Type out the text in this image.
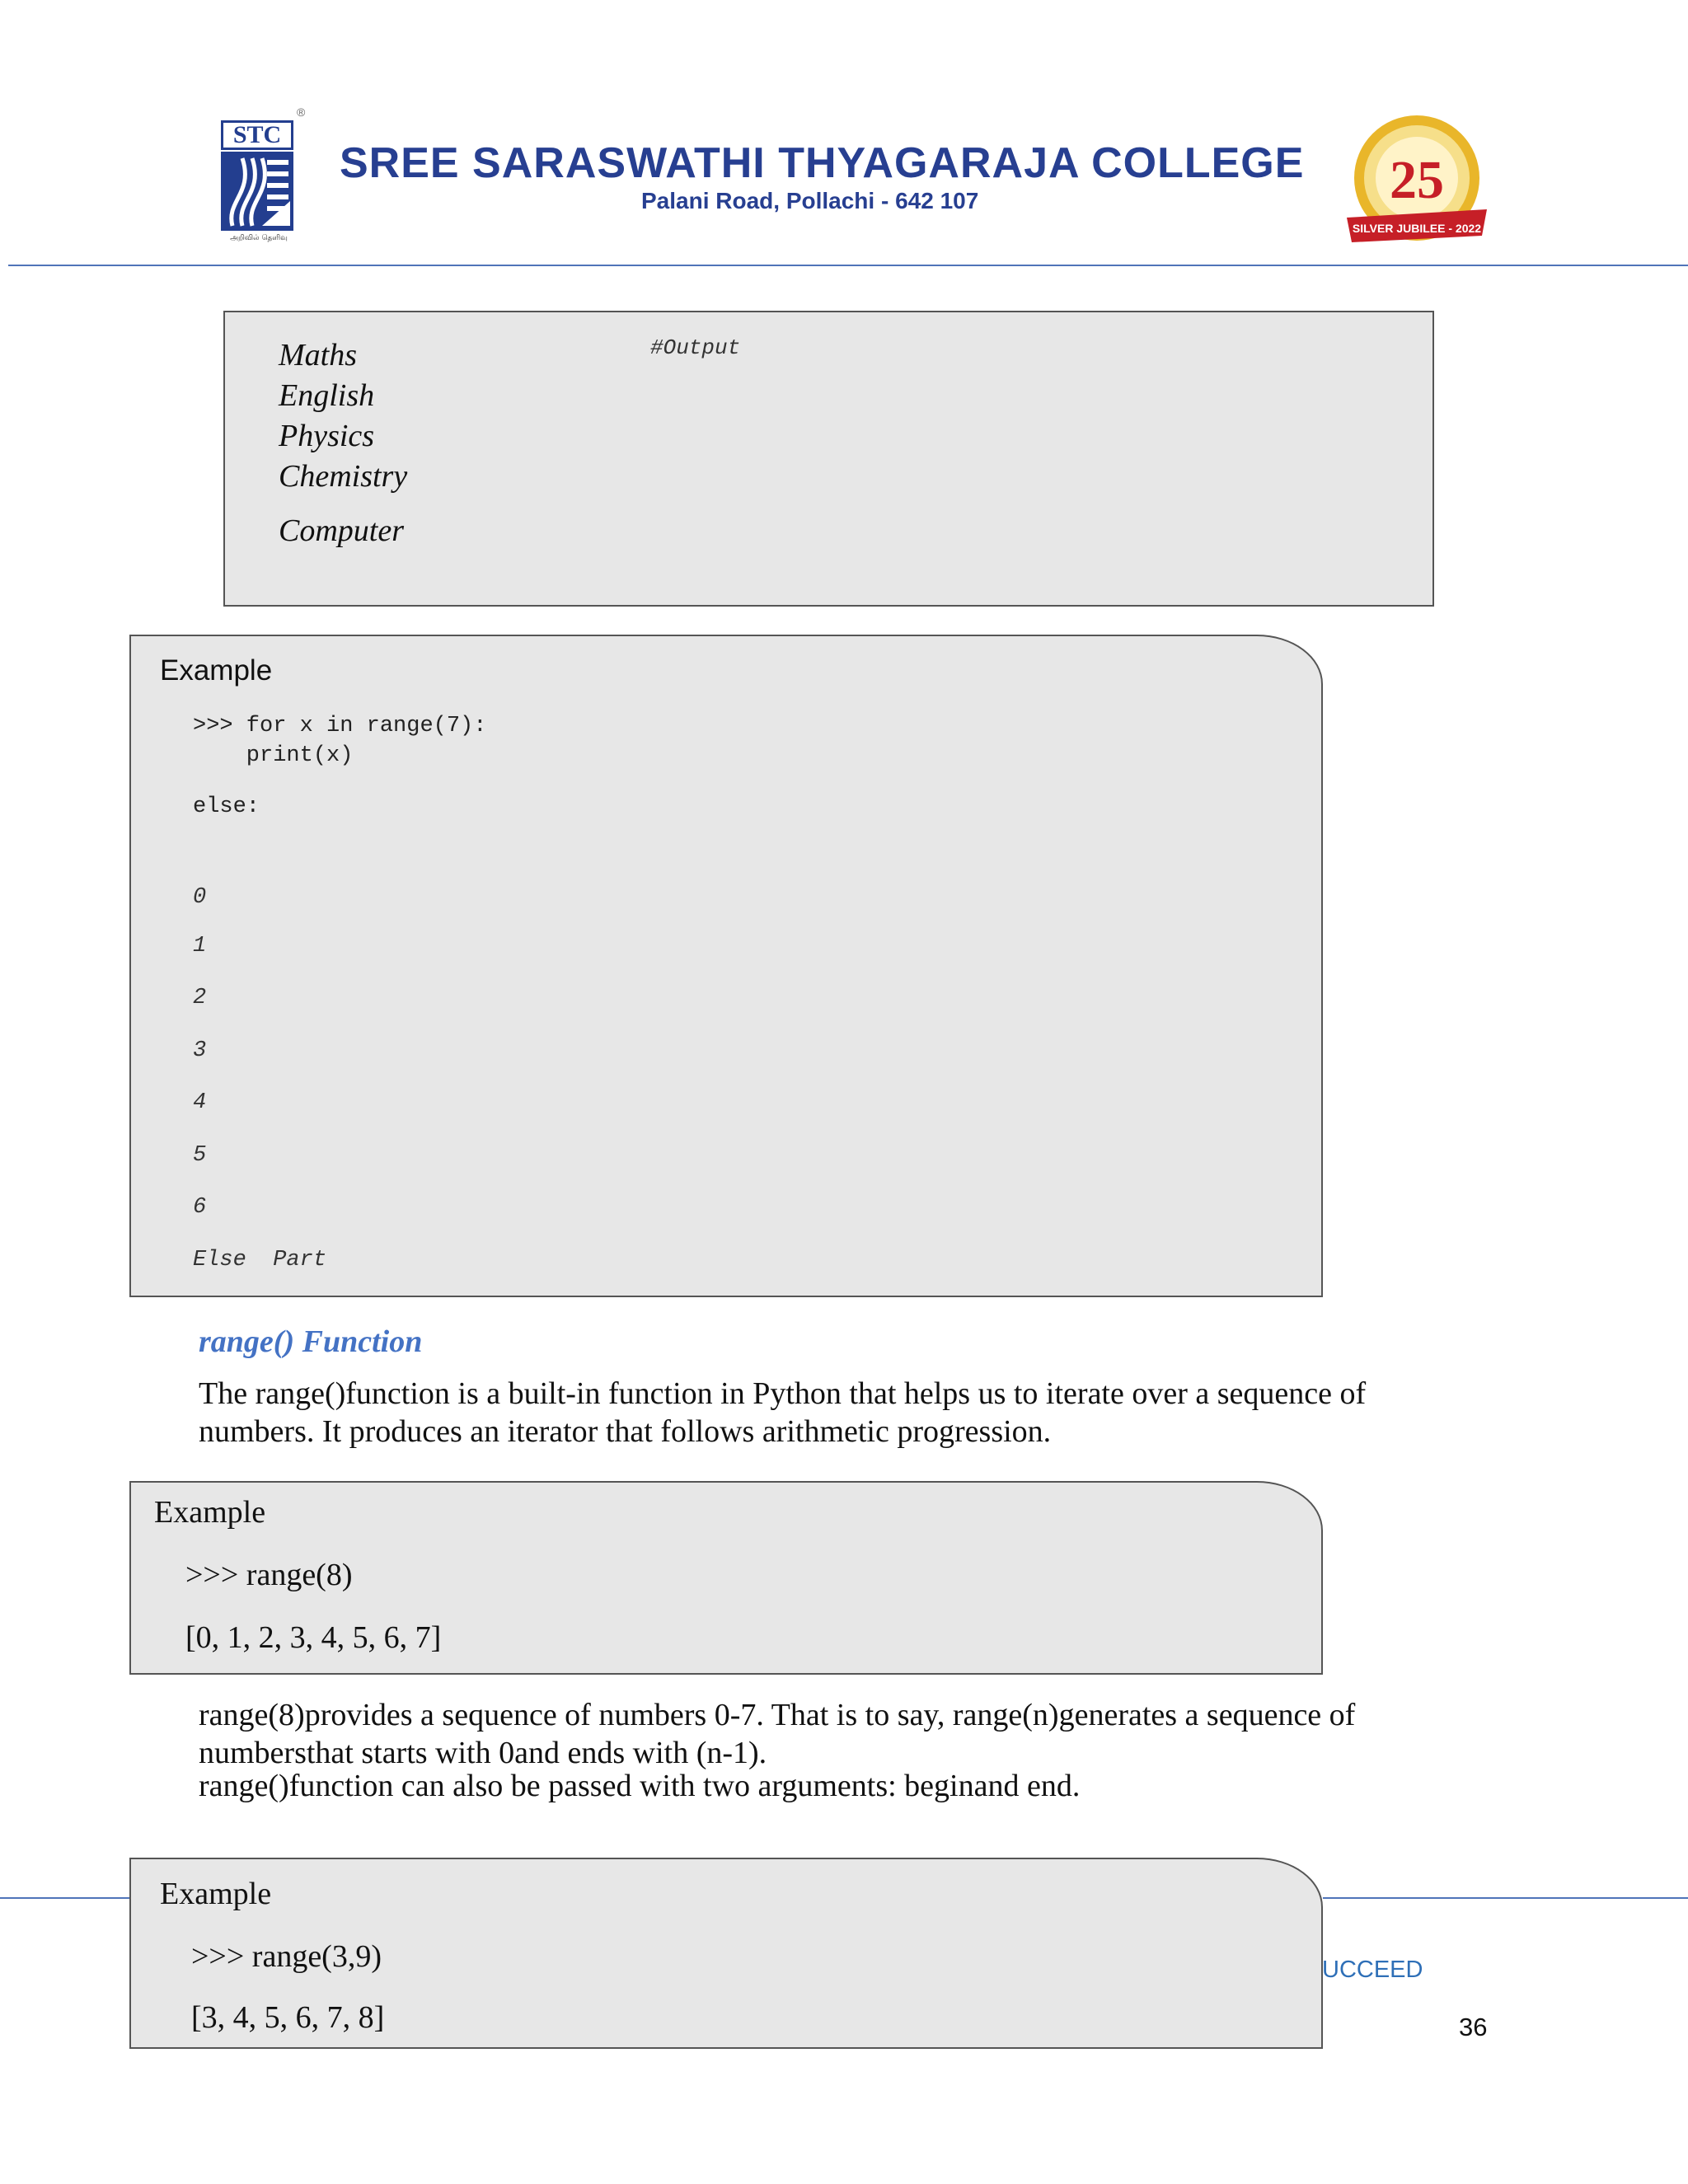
STC
®
அறிவில் தெளிவு
SREE SARASWATHI THYAGARAJA COLLEGE
Palani Road, Pollachi - 642 107	25
SILVER JUBILEE - 2022
Maths
English
Physics
Chemistry
Computer
#Output
Example
>>> for x in range(7):
print(x)
else:
0
1
2
3
4
5
6
Else  Part
range() Function
The range()function is a built-in function in Python that helps us to iterate over a sequence of
numbers. It produces an iterator that follows arithmetic progression.
Example
>>> range(8)
[0, 1, 2, 3, 4, 5, 6, 7]
range(8)provides a sequence of numbers 0-7. That is to say, range(n)generates a sequence of
numbersthat starts with 0and ends with (n-1).
range()function can also be passed with two arguments: beginand end.
Example
>>> range(3,9)
[3, 4, 5, 6, 7, 8]
UCCEED
36
